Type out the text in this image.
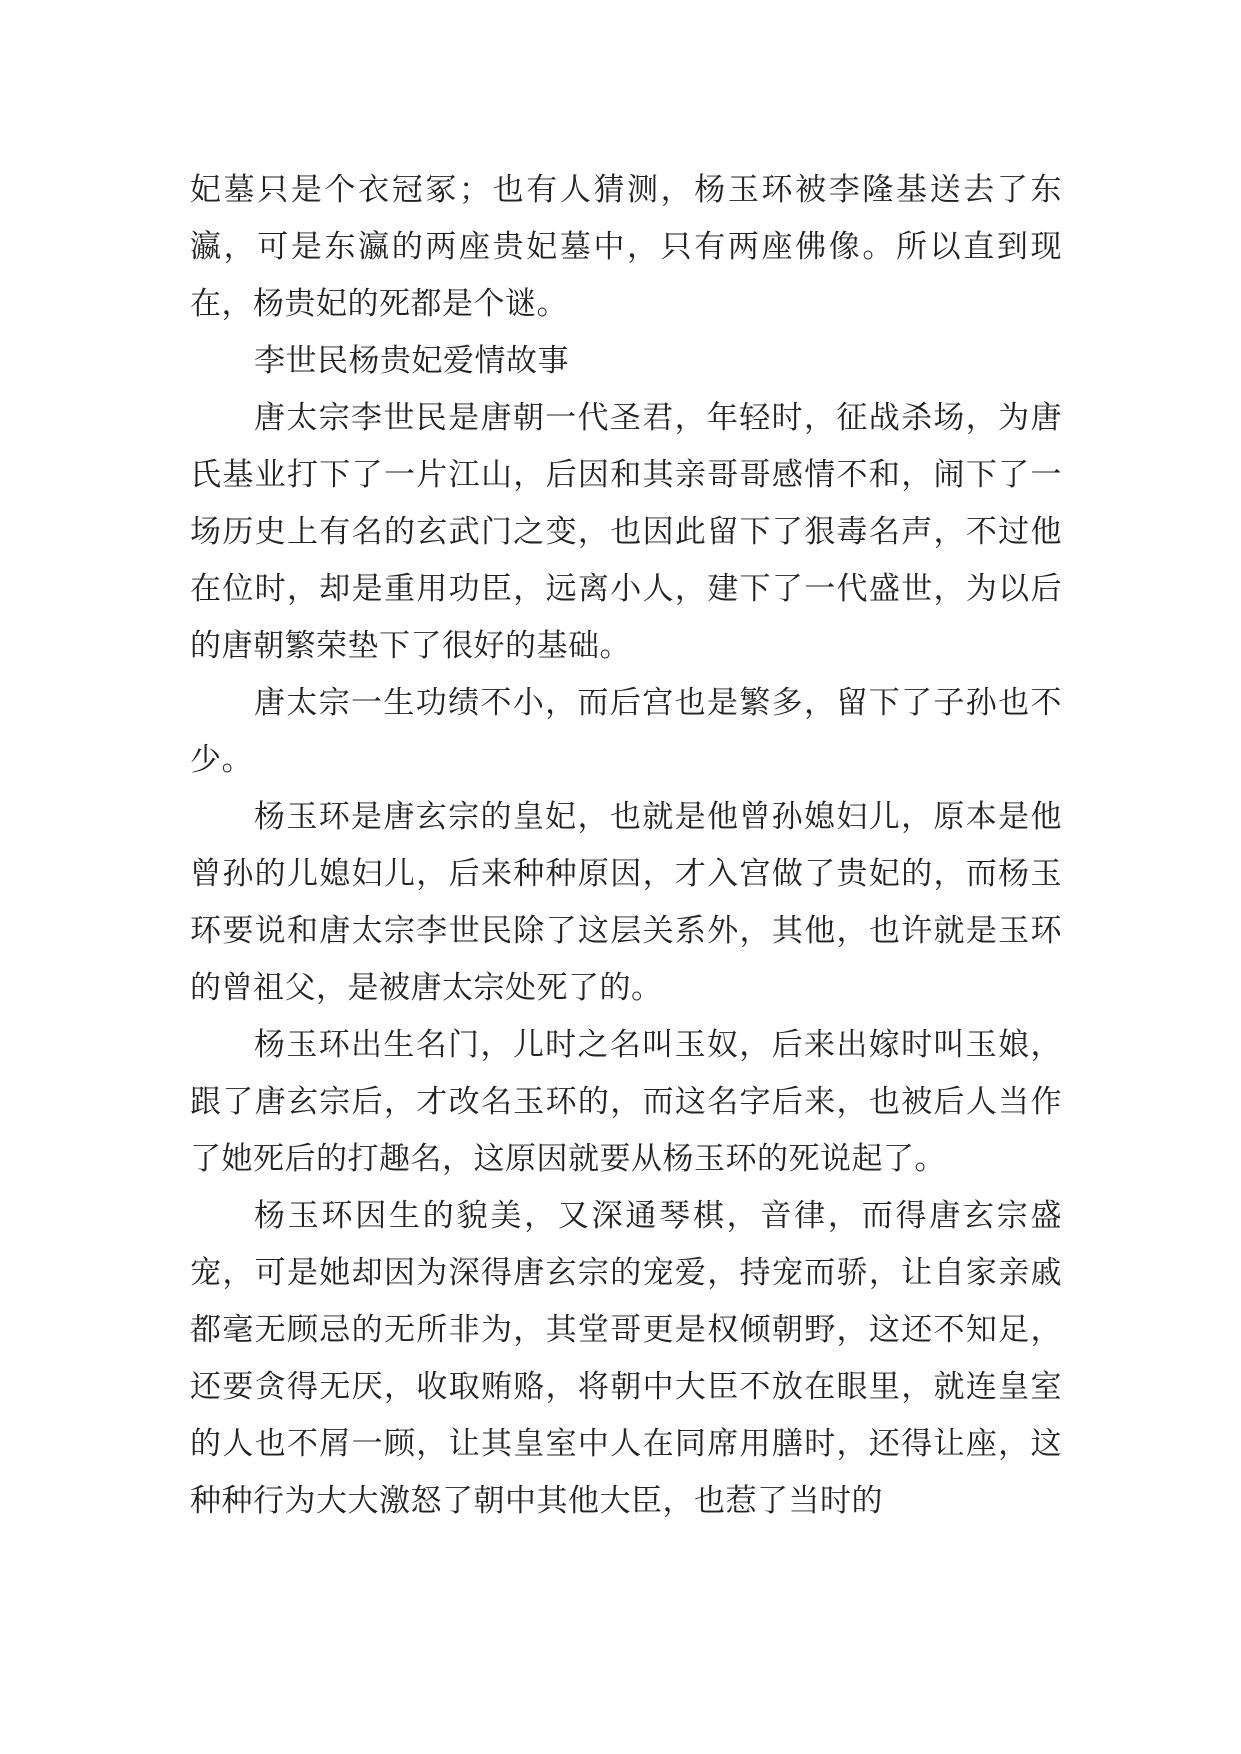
妃墓只是个衣冠冢；也有人猜测，杨玉环被李隆基送去了东瀛，可是东瀛的两座贵妃墓中，只有两座佛像。所以直到现在，杨贵妃的死都是个谜。

李世民杨贵妃爱情故事

唐太宗李世民是唐朝一代圣君，年轻时，征战杀场，为唐氏基业打下了一片江山，后因和其亲哥哥感情不和，闹下了一场历史上有名的玄武门之变，也因此留下了狠毒名声，不过他在位时，却是重用功臣，远离小人，建下了一代盛世，为以后的唐朝繁荣垫下了很好的基础。

唐太宗一生功绩不小，而后宫也是繁多，留下了子孙也不少。

杨玉环是唐玄宗的皇妃，也就是他曾孙媳妇儿，原本是他曾孙的儿媳妇儿，后来种种原因，才入宫做了贵妃的，而杨玉环要说和唐太宗李世民除了这层关系外，其他，也许就是玉环的曾祖父，是被唐太宗处死了的。

杨玉环出生名门，儿时之名叫玉奴，后来出嫁时叫玉娘，跟了唐玄宗后，才改名玉环的，而这名字后来，也被后人当作了她死后的打趣名，这原因就要从杨玉环的死说起了。

杨玉环因生的貌美，又深通琴棋，音律，而得唐玄宗盛宠，可是她却因为深得唐玄宗的宠爱，持宠而骄，让自家亲戚都毫无顾忌的无所非为，其堂哥更是权倾朝野，这还不知足，还要贪得无厌，收取贿赂，将朝中大臣不放在眼里，就连皇室的人也不屑一顾，让其皇室中人在同席用膳时，还得让座，这种种行为大大激怒了朝中其他大臣，也惹了当时的
